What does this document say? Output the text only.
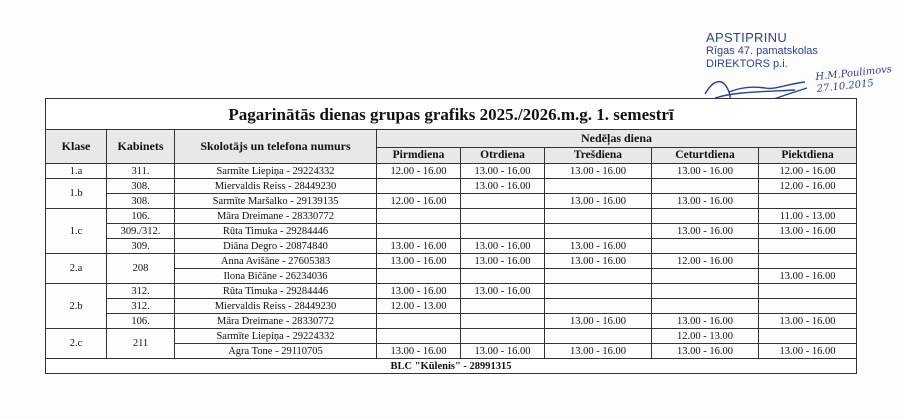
APSTIPRINU
Rīgas 47. pamatskolas
DIREKTORS p.i.
H.M.Poulimovs
27.10.2015
Pagarinātās dienas grupas grafiks 2025./2026.m.g. 1. semestrī							
Klase	Kabinets	Skolotājs un telefona numurs	Nedēļas diena				
			Pirmdiena	Otrdiena	Trešdiena	Ceturtdiena	Piektdiena
1.a	311.	Sarmīte Liepiņa - 29224332	12.00 - 16.00	13.00 - 16.00	13.00 - 16.00	13.00 - 16.00	12.00 - 16.00
1.b	308.	Miervaldis Reiss - 28449230		13.00 - 16.00			12.00 - 16.00
	308.	Sarmīte Maršalko - 29139135	12.00 - 16.00		13.00 - 16.00	13.00 - 16.00	
1.c	106.	Māra Dreimane - 28330772					11.00 - 13.00
	309./312.	Rūta Timuka - 29284446				13.00 - 16.00	13.00 - 16.00
	309.	Diāna Degro - 20874840	13.00 - 16.00	13.00 - 16.00	13.00 - 16.00		
2.a	208	Anna Avišāne - 27605383	13.00 - 16.00	13.00 - 16.00	13.00 - 16.00	12.00 - 16.00	
		Ilona Bičāne - 26234036					13.00 - 16.00
2.b	312.	Rūta Timuka - 29284446	13.00 - 16.00	13.00 - 16.00			
	312.	Miervaldis Reiss - 28449230	12.00 - 13.00				
	106.	Māra Dreimane - 28330772			13.00 - 16.00	13.00 - 16.00	13.00 - 16.00
2.c	211	Sarmīte Liepiņa - 29224332				12.00 - 13.00	
		Agra Tone - 29110705	13.00 - 16.00	13.00 - 16.00	13.00 - 16.00	13.00 - 16.00	13.00 - 16.00
BLC "Kūlenis" - 28991315							
